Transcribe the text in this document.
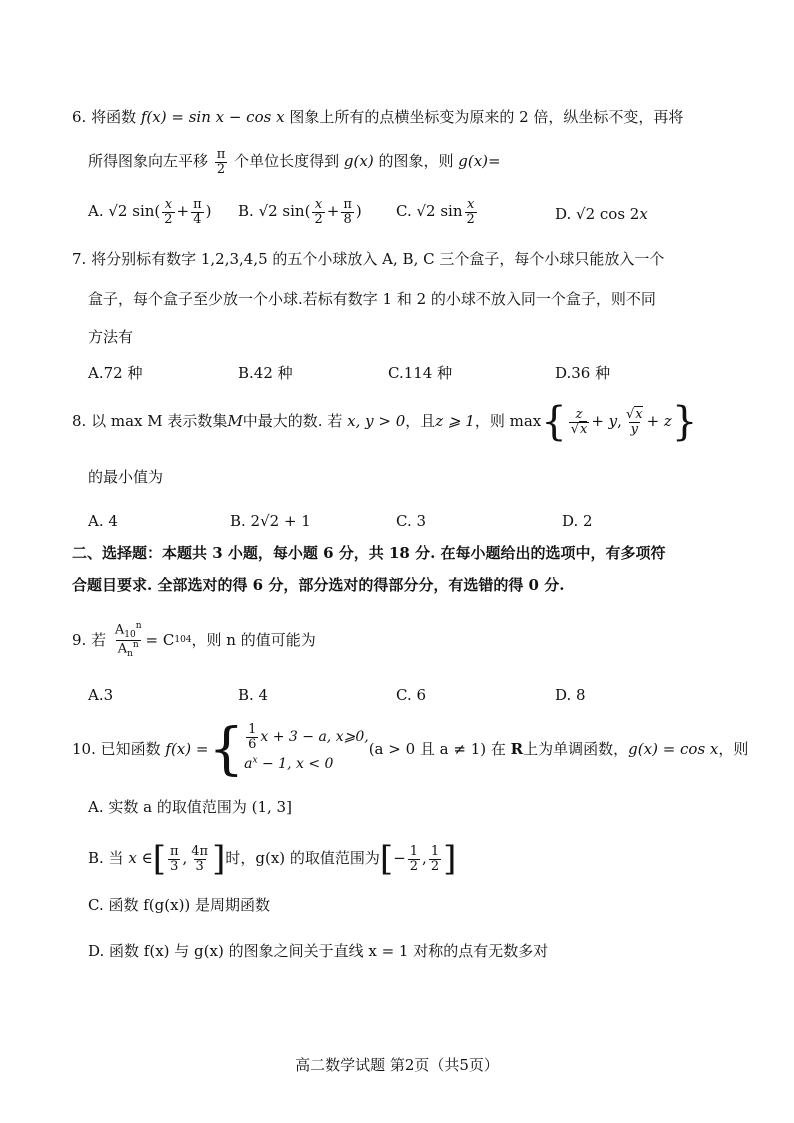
6. 将函数 f(x) = sin x − cos x 图象上所有的点横坐标变为原来的 2 倍，纵坐标不变，再将
所得图象向左平移 $\frac{\pi}{2}$ 个单位长度得到 g(x) 的图象，则 g(x)=
A. √2 $\sin( \frac{x}{2} + \frac{\pi}{4}$ ) B. √2 $\sin( \frac{x}{2} + \frac{\pi}{8}$ ) C. √2 $\sin \frac{x}{2}$	D. √2 cos 2x
7. 将分别标有数字 1,2,3,4,5 的五个小球放入 A, B, C 三个盒子，每个小球只能放入一个
盒子，每个盒子至少放一个小球.若标有数字 1 和 2 的小球不放入同一个盒子，则不同
方法有
A.72 种	B.42 种	C.114 种	D.36 种
8. 以
max M
表示数集 M 中最大的数. 若
x, y > 0 ，且 z ⩾ 1 ，则 max { $\frac{z}{√x} + y$, $\frac{√x}{y} + z$ }
的最小值为
A. 4	B. 2√2 + 1	C. 3	D. 2
二、选择题：本题共 3 小题，每小题 6 分，共 18 分. 在每小题给出的选项中，有多项符
合题目要求. 全部选对的得 6 分，部分选对的得部分分，有选错的得 0 分.
9. 若
$\frac{A_{10}^n}{A_n^n} = C$ 10 4 ，则 n 的值可能为
A.3	B. 4	C. 6	D. 8
10. 已知函数
f(x) = { $\frac{1}{6}$ x + 3 − a, x⩾0,
$a^x - 1$, x < 0
(a > 0 且 a ≠ 1) 在
R 上为单调函数， g(x) = cos x ，则
A. 实数 a 的取值范围为 (1, 3]
B. 当
x ∈ [ $\frac{\pi}{3}$ , $\frac{4\pi}{3}$ ] 时，g(x) 的取值范围为 [ − $\frac{1}{2}$ , $\frac{1}{2}$ ]
C. 函数 f(g(x)) 是周期函数
D. 函数 f(x) 与 g(x) 的图象之间关于直线 x = 1 对称的点有无数多对
高二数学试题 第2页（共5页）
